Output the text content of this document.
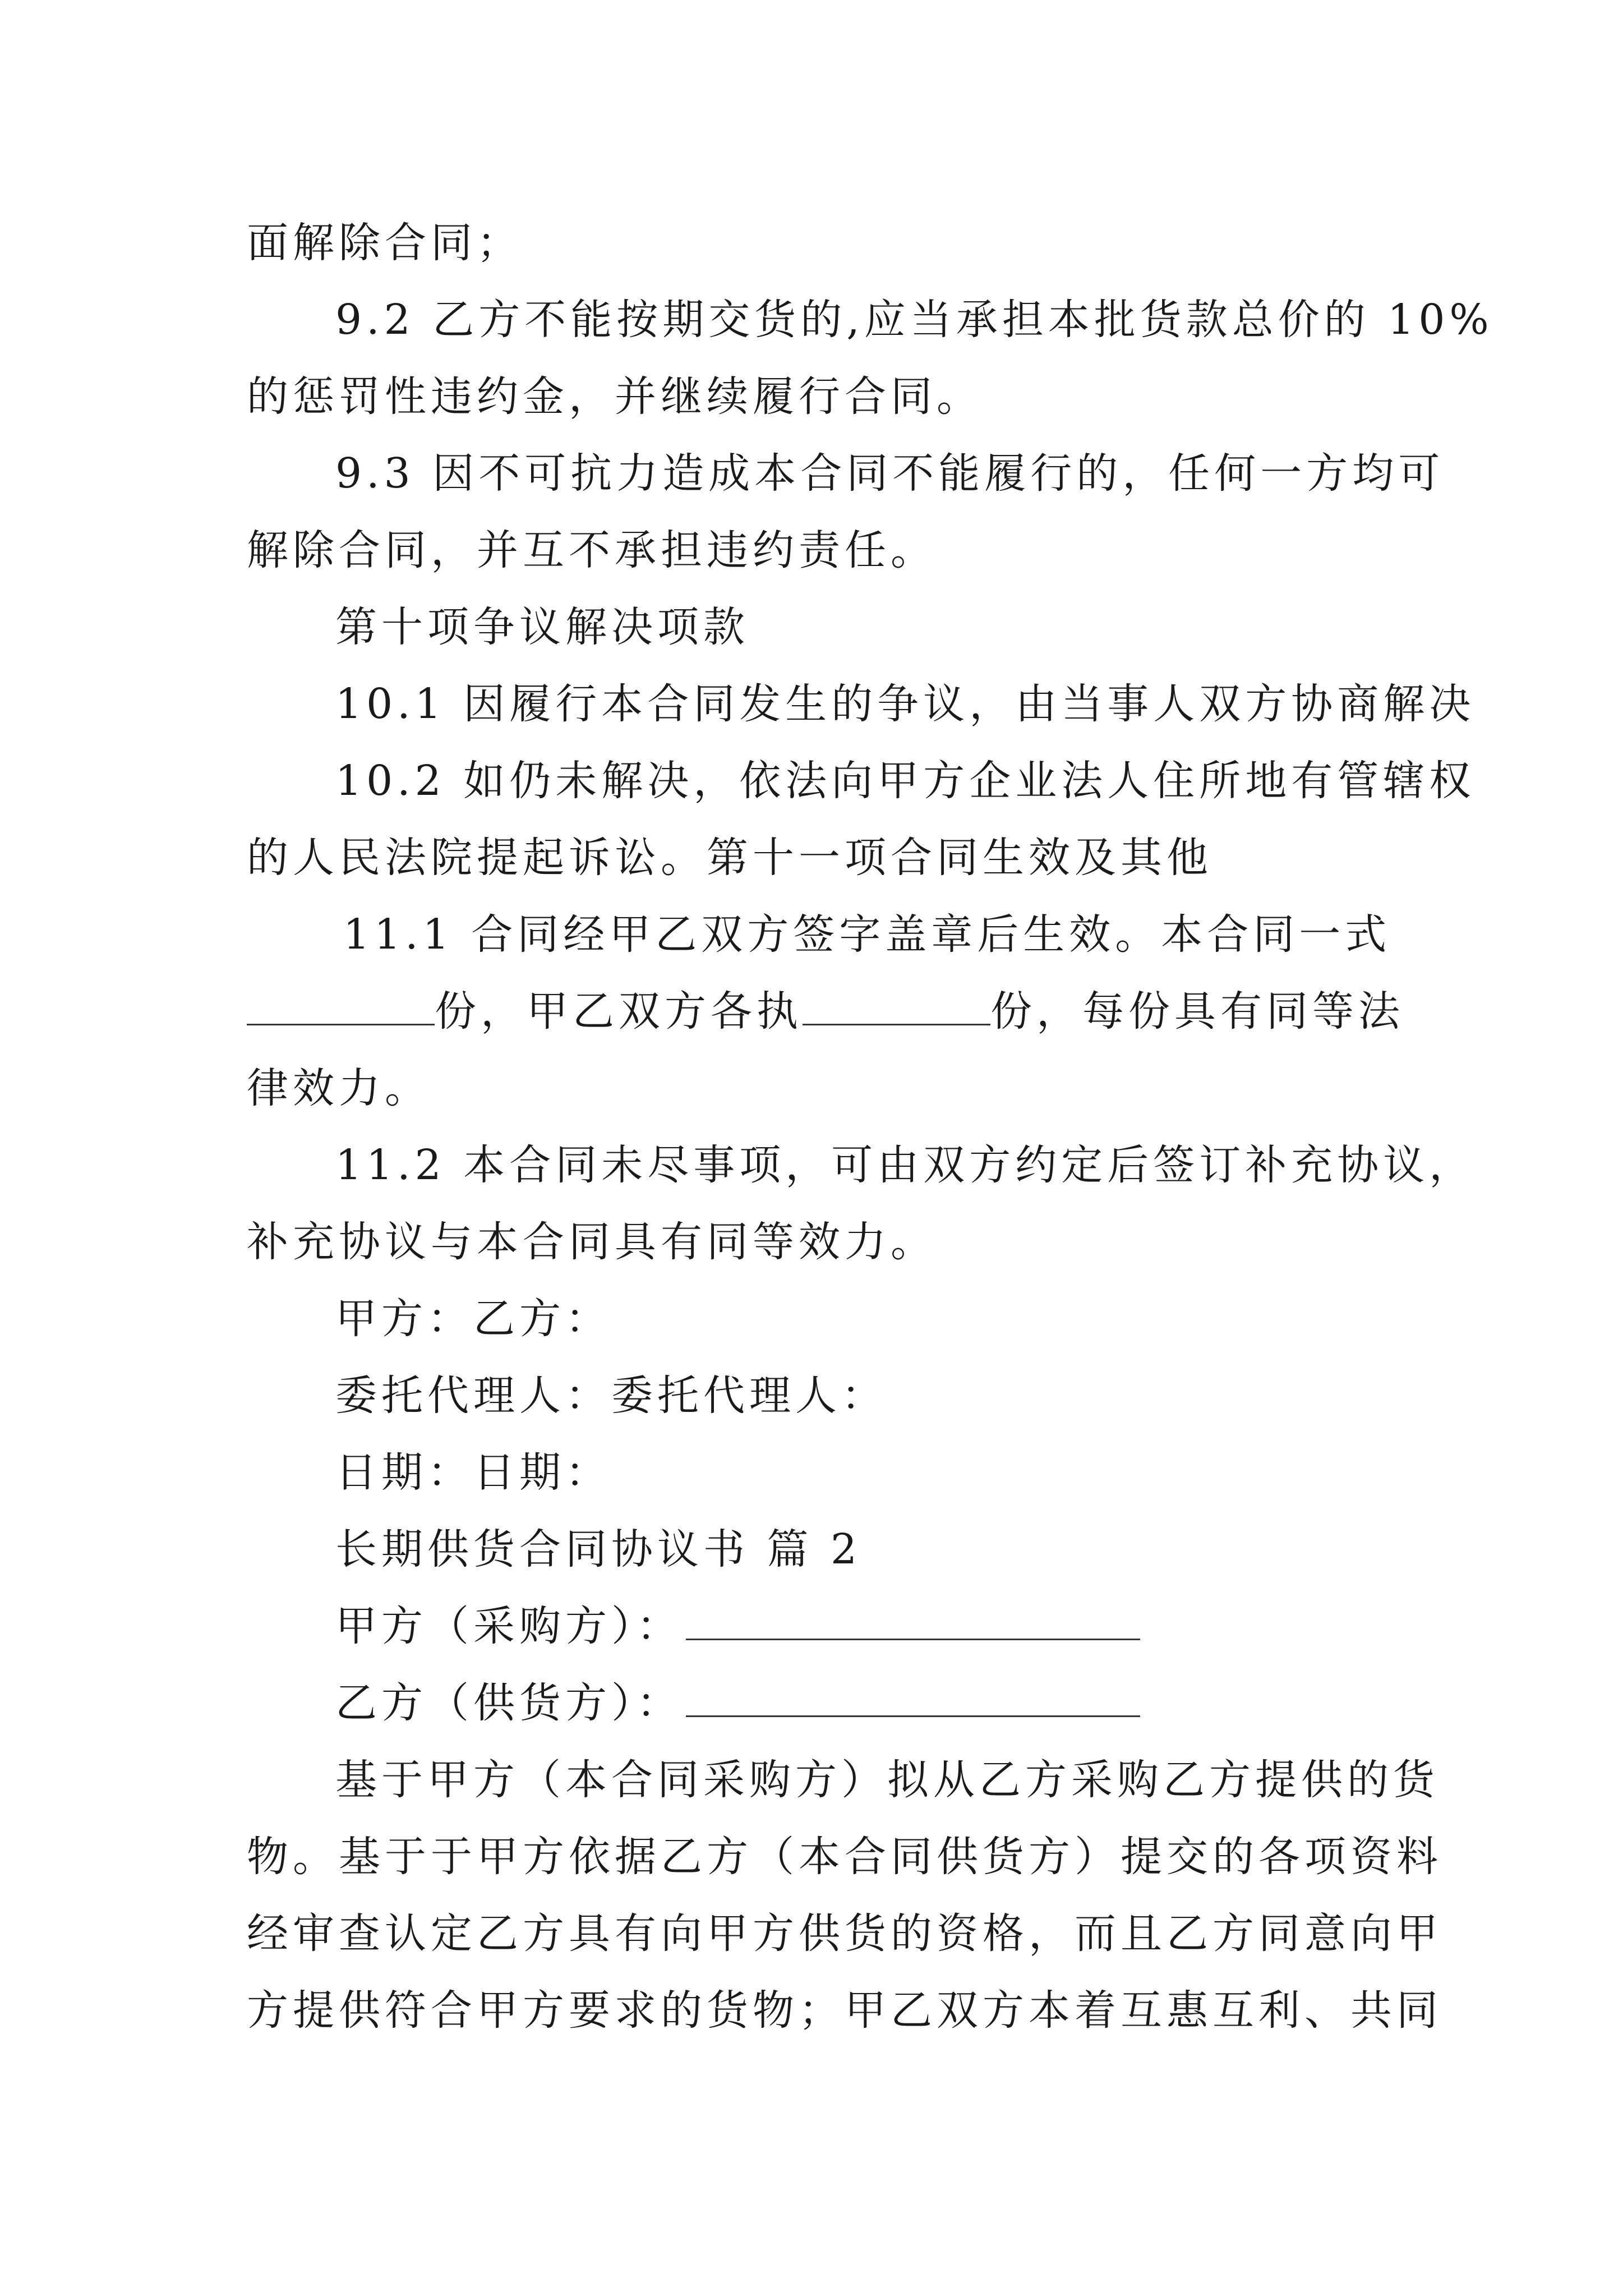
面解除合同；
9.2 乙方不能按期交货的,应当承担本批货款总价的 10%
的惩罚性违约金，并继续履行合同。
9.3 因不可抗力造成本合同不能履行的，任何一方均可
解除合同，并互不承担违约责任。
第十项争议解决项款
10.1 因履行本合同发生的争议，由当事人双方协商解决
10.2 如仍未解决，依法向甲方企业法人住所地有管辖权
的人民法院提起诉讼。第十一项合同生效及其他
11.1 合同经甲乙双方签字盖章后生效。本合同一式
份，甲乙双方各执	份，每份具有同等法
律效力。
11.2 本合同未尽事项，可由双方约定后签订补充协议，
补充协议与本合同具有同等效力。
甲方：乙方：
委托代理人：委托代理人：
日期：日期：
长期供货合同协议书 篇 2
甲方（采购方）：
乙方（供货方）：
基于甲方（本合同采购方）拟从乙方采购乙方提供的货
物。基于于甲方依据乙方（本合同供货方）提交的各项资料
经审查认定乙方具有向甲方供货的资格，而且乙方同意向甲
方提供符合甲方要求的货物；甲乙双方本着互惠互利、共同
